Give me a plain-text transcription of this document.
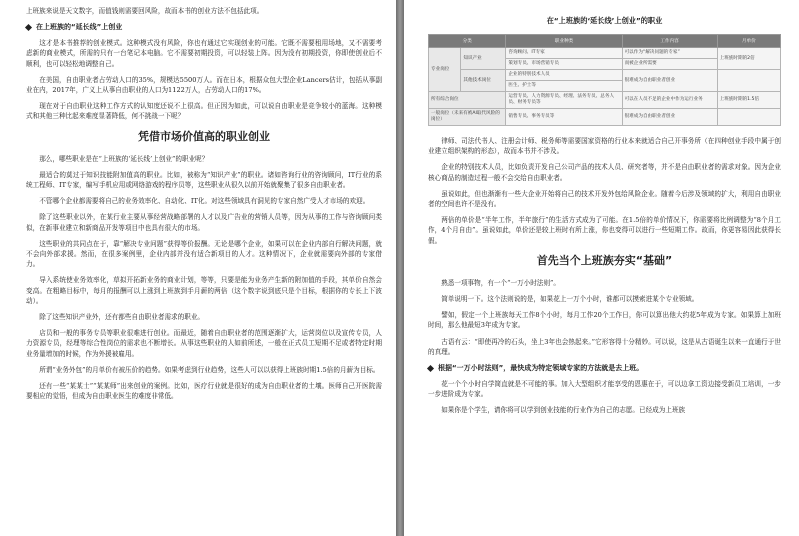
上班族来说是天文数字，而值钱则需要回风险，故而本书的创业方法不包括此项。

在上班族的“延长线”上创业

这才是本书推荐的创业模式。这种模式没有风险，你也有通过它实现创业的可能。它既不需要租用场地，又不需要考虑新的商业模式，所需的只有一台笔记本电脑。它不需要初期投资，可以轻装上阵。因为没有初期投资，你即使创业后不顺利，也可以轻松地调整自己。

在美国，自由职业者占劳动人口的35%，规模达5500万人。而在日本，根据众包大型企业Lancers估计，包括从事副业在内，2017年，广义上从事自由职业的人口为1122万人，占劳动人口的17%。

现在对于自由职业这种工作方式的认知度还说不上很高。但正因为如此，可以说自由职业是竞争较小的蓝海。这种模式和其他三种比起来难度显著降低，何不挑战一下呢？

凭借市场价值高的职业创业

那么，哪些职业是在“上班族的‘延长线’上创业”的职业呢？

最适合的莫过于知识技能附加值高的职业。比如，被称为“知识产业”的职业。诸如咨询行业的咨询顾问，IT行业的系统工程师、IT专家，编写手机应用或网络游戏的程序员等，这些职业从很久以前开始就聚集了很多自由职业者。

不管哪个企业都需要将自己的业务效率化、自动化、IT化。对这些领域具有洞见的专家自然广受人才市场的欢迎。

除了这些职业以外，在某行业主要从事经营战略部署的人才以及广告业的营销人员等，因为从事的工作与咨询顾问类似，在新事业建立和新商品开发等项目中也具有很大的市场。

这些职业的共同点在于，靠“解决专业问题”获得等价报酬。无论是哪个企业，如果可以在企业内部自行解决问题，就不会向外部求援。然而，在很多案例里，企业内部并没有适合新项目的人才。这种情况下，企业就需要向外部的专家借力。

导入系统使业务效率化，草拟开拓新业务的商业计划，等等，只要是能为业务产生新的附加值的手段，其单价自然会变高。在粗略目标中，每月的报酬可以上涨到上班族到手月薪的两倍（这个数字说到底只是个目标，根据你的专长上下波动）。

除了这些知识产业外，还有都些自由职业者需求的职业。

店员和一般的事务专员等职业很难进行创业。而最近，随着自由职业者的范围逐渐扩大，运营岗位以及宣传专员，人力资源专员，经理等综合性岗位的需求也不断增长。从事这些职业的人如前所述，一般在正式员工短期不足或者特定时期业务量增加的时候，作为外援被雇用。

所谓“业务外包”的月单价有被压价的趋势。如果考虑到行业趋势，这些人可以以获得上班族时期1.5倍的月薪为目标。

还有一些“某某士”“某某师”出来创业的案例。比如，医疗行业就是很好的成为自由职业者的土壤。医师自己开医院需要相应的觉悟，但成为自由职业医生的难度非常低。

在“上班族的‘延长线’上创业”的职业
分类		职业种类	工作内容	月单价
专业岗位	知识产业	咨询顾问、IT专家	可以作为“解决问题的专家”	上班族时期的2倍
		策划专员、市场营销专员	而被企业所需要	
	其他技术岗位	企业的特别技术人员	很难成为自由职业者创业	
		医生、护士等		
所有综合岗位		运营专员、人力资源专员、经理、法务专员、总务人员、财务专员等	可以在人员不足的企业中作为运行业务	上班族时期的1.5倍
一般岗位（未来有被AI取代风险的岗位）		销售专员、事务专员等	很难成为自由职业者创业	

律师、司法代书人、注册会计师、税务师等需要国家资格的行业本来就适合自己开事务所（在四种创业手段中属于创业建立组织架构的形态），故而本书并不涉及。

企业的特别技术人员，比如负责开发自己公司产品的技术人员、研究者等，并不是自由职业者的需求对象。因为企业核心商品的制造过程一般不会交给自由职业者。

虽说如此，但也渐渐有一些大企业开始将自己的技术开发外包给风险企业。随着今后涉及领域的扩大，利用自由职业者的空间也许不是没有。

两倍的单价是“半年工作，半年旅行”的生活方式成为了可能。在1.5倍的单价情况下，你需要将比例调整为“8个月工作，4个月自由”。虽说如此，单价还是较上班时有所上涨，你也变得可以进行一些短期工作。故而，你更容易因此获得长假。

首先当个上班族夯实“基础”

熟悉一项事物，有一个“一万小时法则”。

简单说明一下。这个法则说的是，如果花上一万个小时，谁都可以摸索进某个专业领域。

譬如，假定一个上班族每天工作8个小时，每月工作20个工作日，你可以算出他大约花5年成为专家。如果算上加班时间，那么他最短3年成为专家。

古语有云：“即使再冷的石头，坐上3年也会热起来。”它形容得十分精妙。可以说，这是从古语诞生以来一直通行于世的真理。

根据“一万小时法则”，最快成为特定领域专家的方法就是去上班。

花一个个小时自学简直就是不可能的事。加入大型组织才能享受的恩惠在于，可以边拿工资边接受新员工培训，一步一步进阶成为专家。

如果你是个学生，请你将可以学到创业技能的行业作为自己的志愿。已经成为上班族
